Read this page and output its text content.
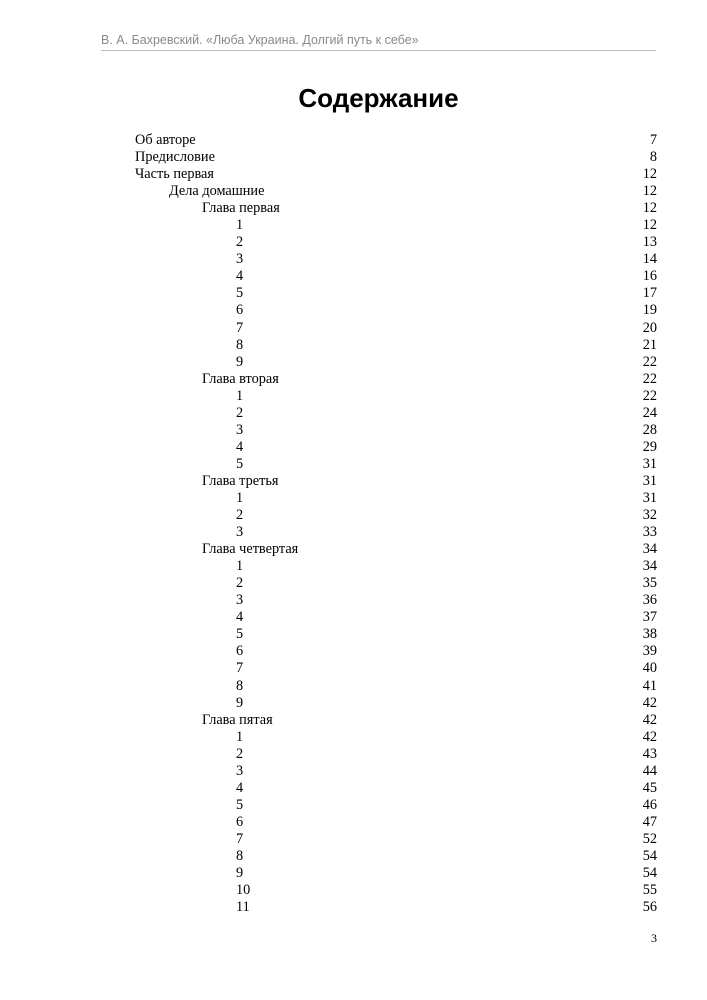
В. А. Бахревский. «Люба Украина. Долгий путь к себе»
Содержание
Об авторе	7
Предисловие	8
Часть первая	12
Дела домашние	12
Глава первая	12
1	12
2	13
3	14
4	16
5	17
6	19
7	20
8	21
9	22
Глава вторая	22
1	22
2	24
3	28
4	29
5	31
Глава третья	31
1	31
2	32
3	33
Глава четвертая	34
1	34
2	35
3	36
4	37
5	38
6	39
7	40
8	41
9	42
Глава пятая	42
1	42
2	43
3	44
4	45
5	46
6	47
7	52
8	54
9	54
10	55
11	56
3
